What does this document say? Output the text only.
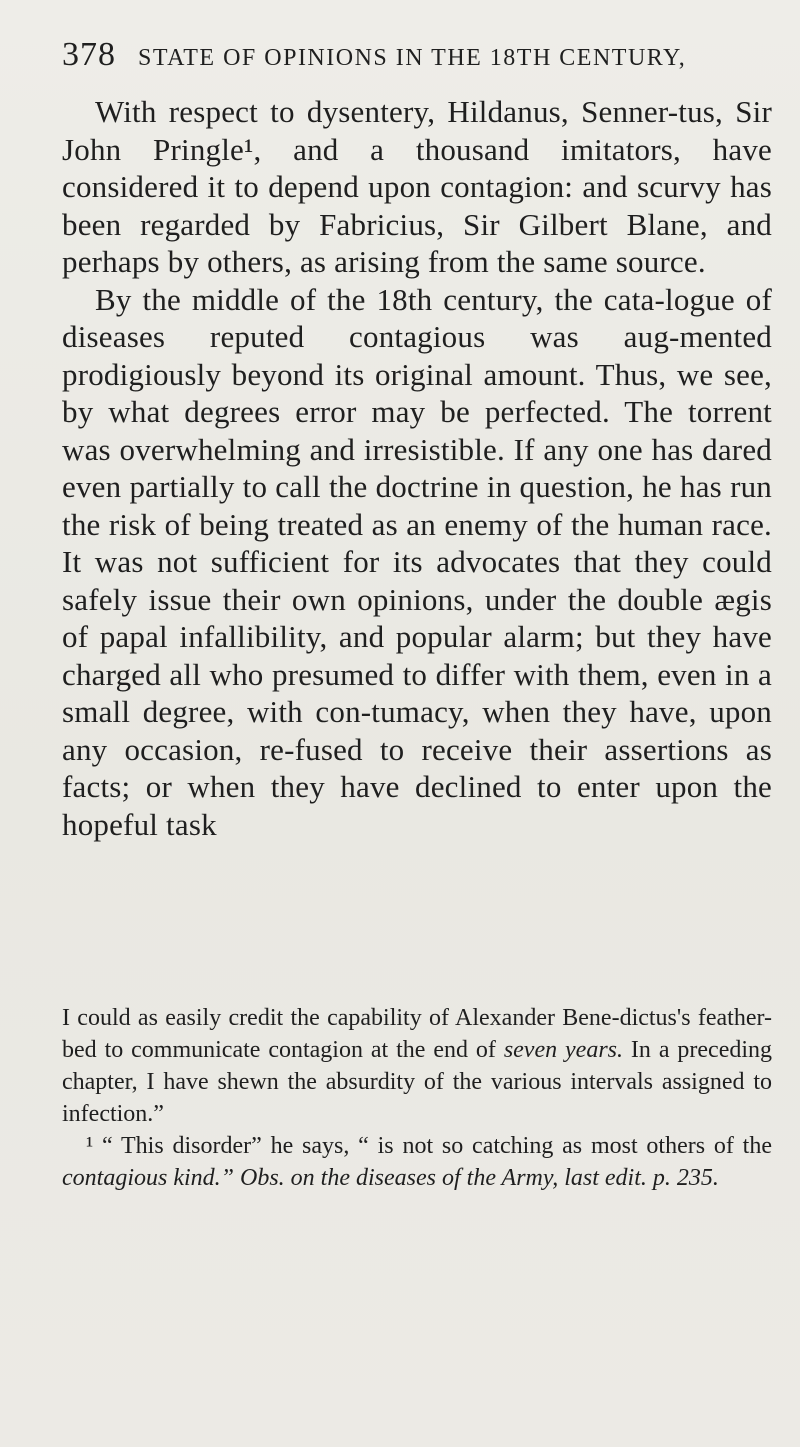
378 STATE OF OPINIONS IN THE 18TH CENTURY,

With respect to dysentery, Hildanus, Senner-tus, Sir John Pringle¹, and a thousand imitators, have considered it to depend upon contagion: and scurvy has been regarded by Fabricius, Sir Gilbert Blane, and perhaps by others, as arising from the same source.

By the middle of the 18th century, the cata-logue of diseases reputed contagious was aug-mented prodigiously beyond its original amount. Thus, we see, by what degrees error may be perfected. The torrent was overwhelming and irresistible. If any one has dared even partially to call the doctrine in question, he has run the risk of being treated as an enemy of the human race. It was not sufficient for its advocates that they could safely issue their own opinions, under the double ægis of papal infallibility, and popular alarm; but they have charged all who presumed to differ with them, even in a small degree, with con-tumacy, when they have, upon any occasion, re-fused to receive their assertions as facts; or when they have declined to enter upon the hopeful task

I could as easily credit the capability of Alexander Bene-dictus's feather-bed to communicate contagion at the end of seven years. In a preceding chapter, I have shewn the absurdity of the various intervals assigned to infection.”

¹ “ This disorder” he says, “ is not so catching as most others of the contagious kind.” Obs. on the diseases of the Army, last edit. p. 235.
